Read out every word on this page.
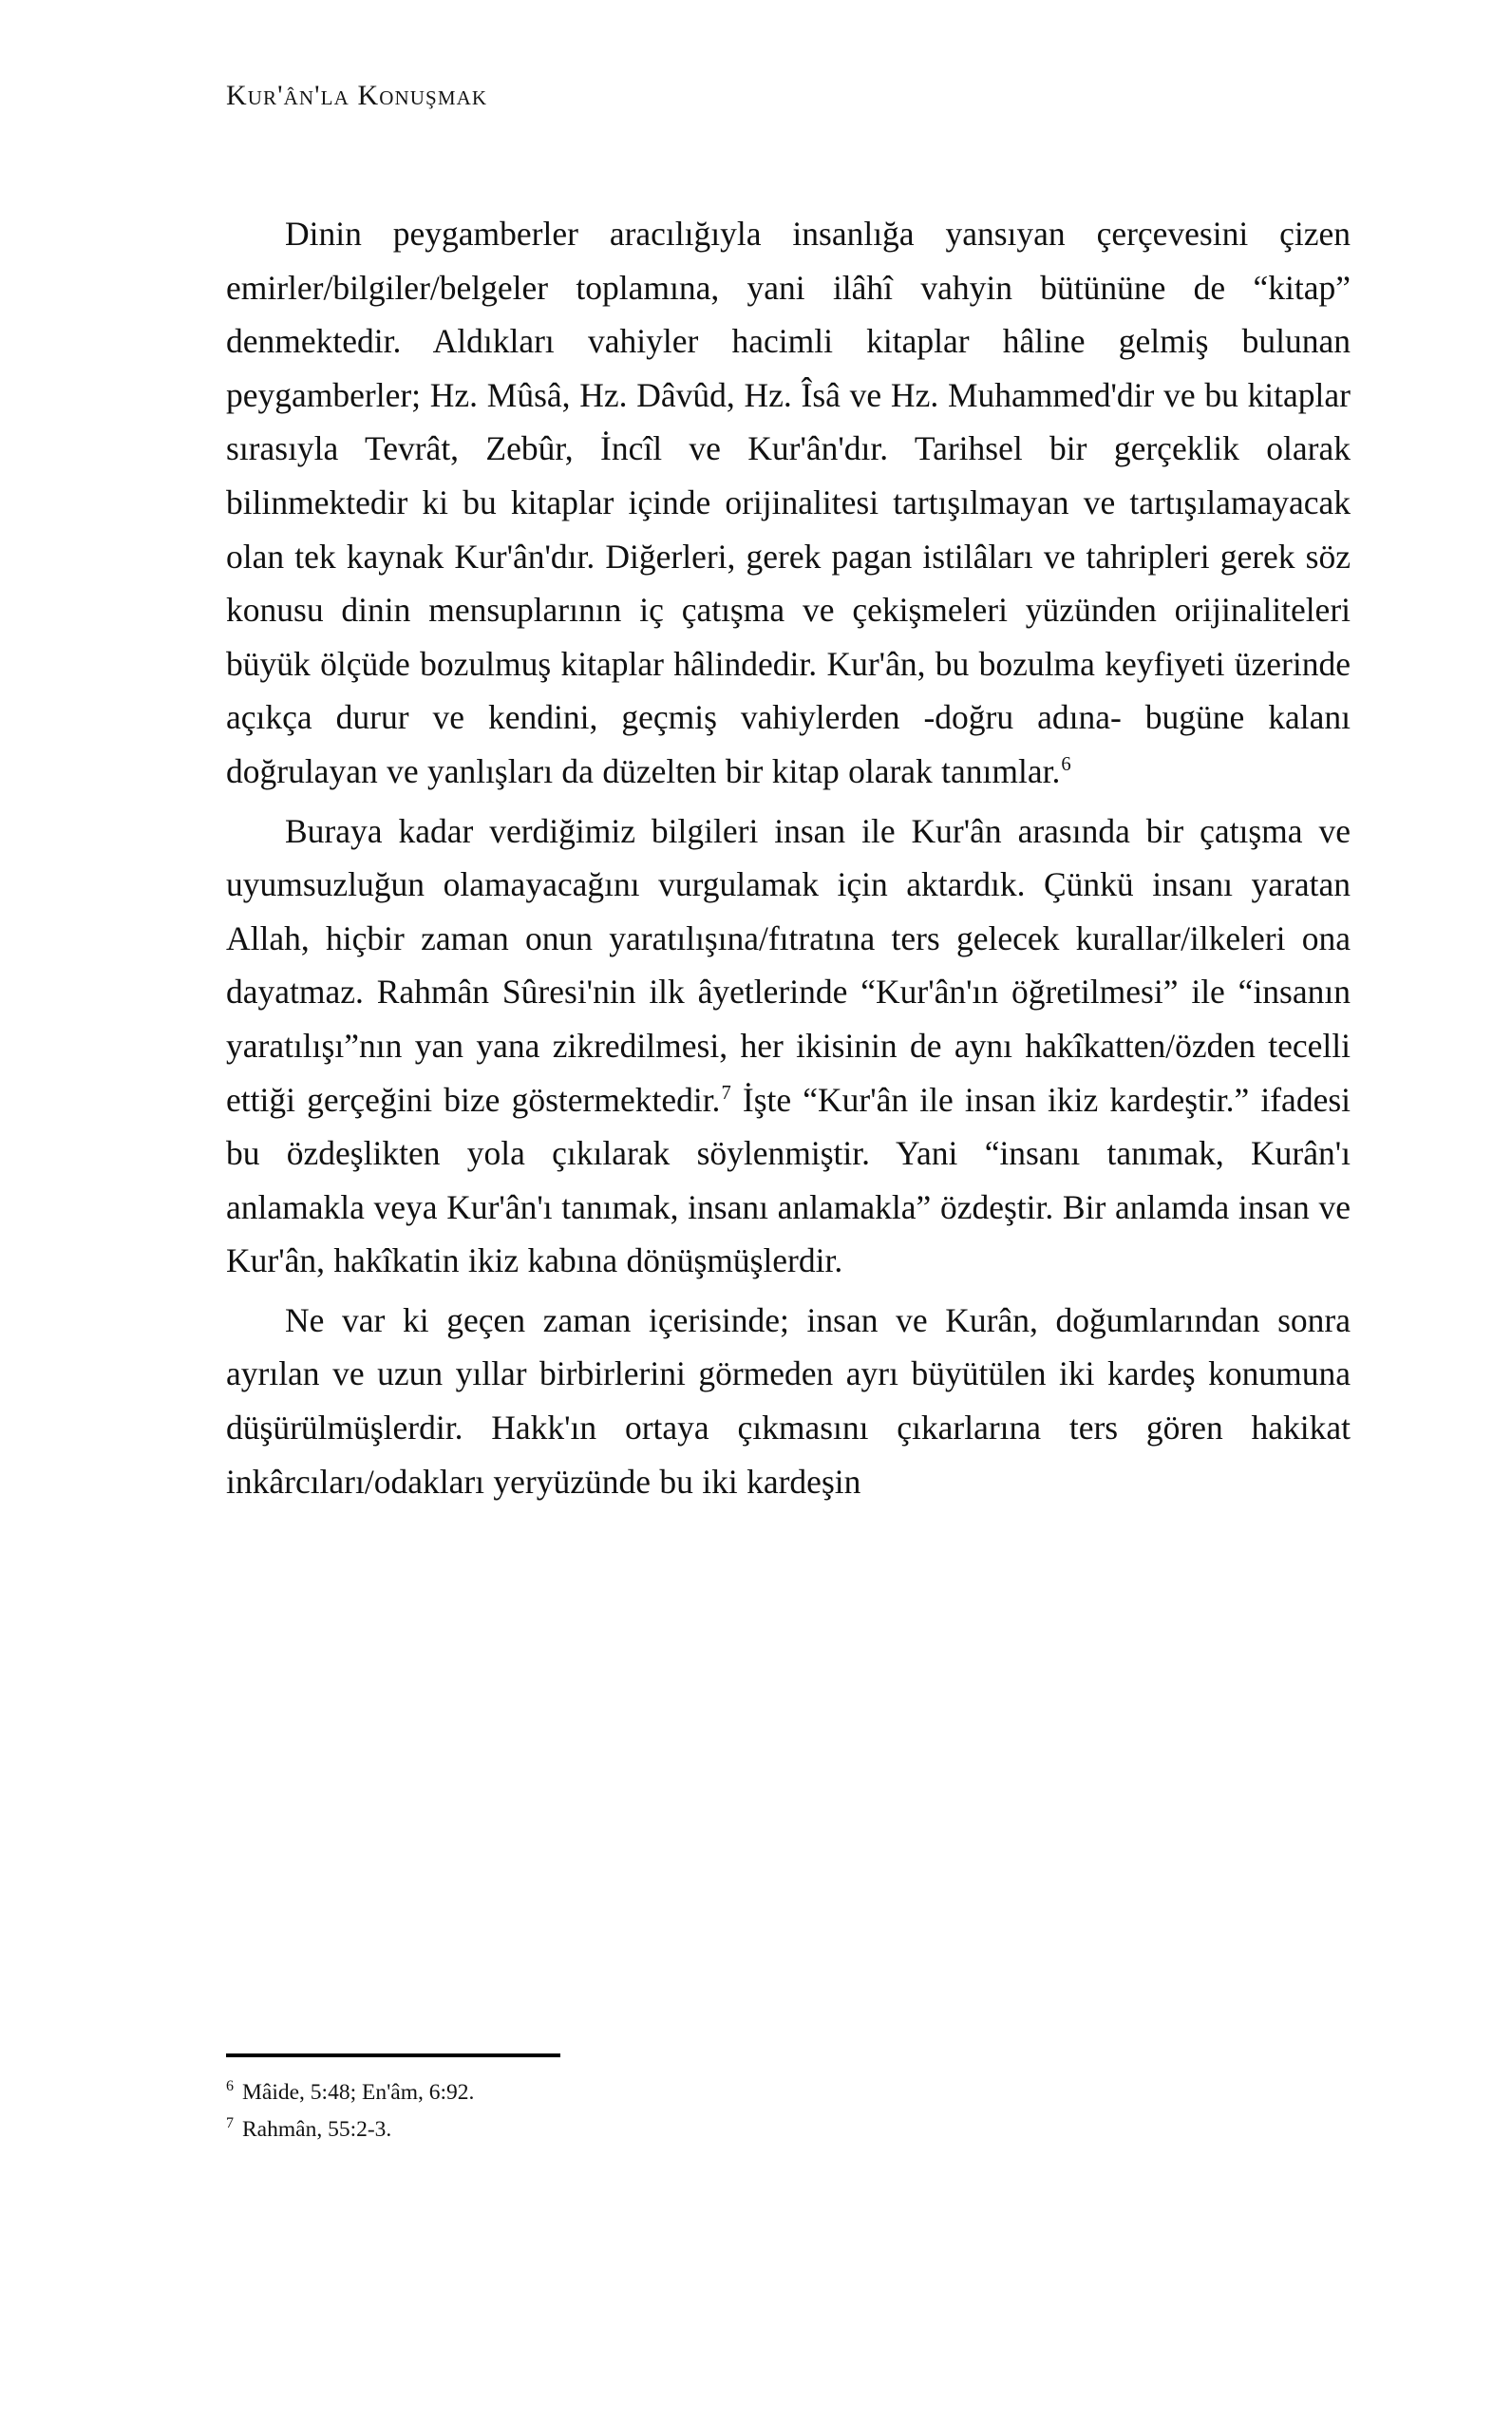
Kur'ân'la Konuşmak

Dinin peygamberler aracılığıyla insanlığa yansıyan çerçevesini çizen emirler/bilgiler/belgeler toplamına, yani ilâhî vahyin bütününe de “kitap” denmektedir. Aldıkları vahiyler hacimli kitaplar hâline gelmiş bulunan peygamberler; Hz. Mûsâ, Hz. Dâvûd, Hz. Îsâ ve Hz. Muhammed'dir ve bu kitaplar sırasıyla Tevrât, Zebûr, İncîl ve Kur'ân'dır. Tarihsel bir gerçeklik olarak bilinmektedir ki bu kitaplar içinde orijinalitesi tartışılmayan ve tartışılamayacak olan tek kaynak Kur'ân'dır. Diğerleri, gerek pagan istilâları ve tahripleri gerek söz konusu dinin mensuplarının iç çatışma ve çekişmeleri yüzünden orijinaliteleri büyük ölçüde bozulmuş kitaplar hâlindedir. Kur'ân, bu bozulma keyfiyeti üzerinde açıkça durur ve kendini, geçmiş vahiylerden -doğru adına- bugüne kalanı doğrulayan ve yanlışları da düzelten bir kitap olarak tanımlar.$^6$

Buraya kadar verdiğimiz bilgileri insan ile Kur'ân arasında bir çatışma ve uyumsuzluğun olamayacağını vurgulamak için aktardık. Çünkü insanı yaratan Allah, hiçbir zaman onun yaratılışına/fıtratına ters gelecek kurallar/ilkeleri ona dayatmaz. Rahmân Sûresi'nin ilk âyetlerinde “Kur'ân'ın öğretilmesi” ile “insanın yaratılışı”nın yan yana zikredilmesi, her ikisinin de aynı hakîkatten/özden tecelli ettiği gerçeğini bize göstermektedir.$^7$ İşte “Kur'ân ile insan ikiz kardeştir.” ifadesi bu özdeşlikten yola çıkılarak söylenmiştir. Yani “insanı tanımak, Kurân'ı anlamakla veya Kur'ân'ı tanımak, insanı anlamakla” özdeştir. Bir anlamda insan ve Kur'ân, hakîkatin ikiz kabına dönüşmüşlerdir.

Ne var ki geçen zaman içerisinde; insan ve Kurân, doğumlarından sonra ayrılan ve uzun yıllar birbirlerini görmeden ayrı büyütülen iki kardeş konumuna düşürülmüşlerdir. Hakk'ın ortaya çıkmasını çıkarlarına ters gören hakikat inkârcıları/odakları yeryüzünde bu iki kardeşin

$^6$ Mâide, 5:48; En'âm, 6:92.
$^7$ Rahmân, 55:2-3.
